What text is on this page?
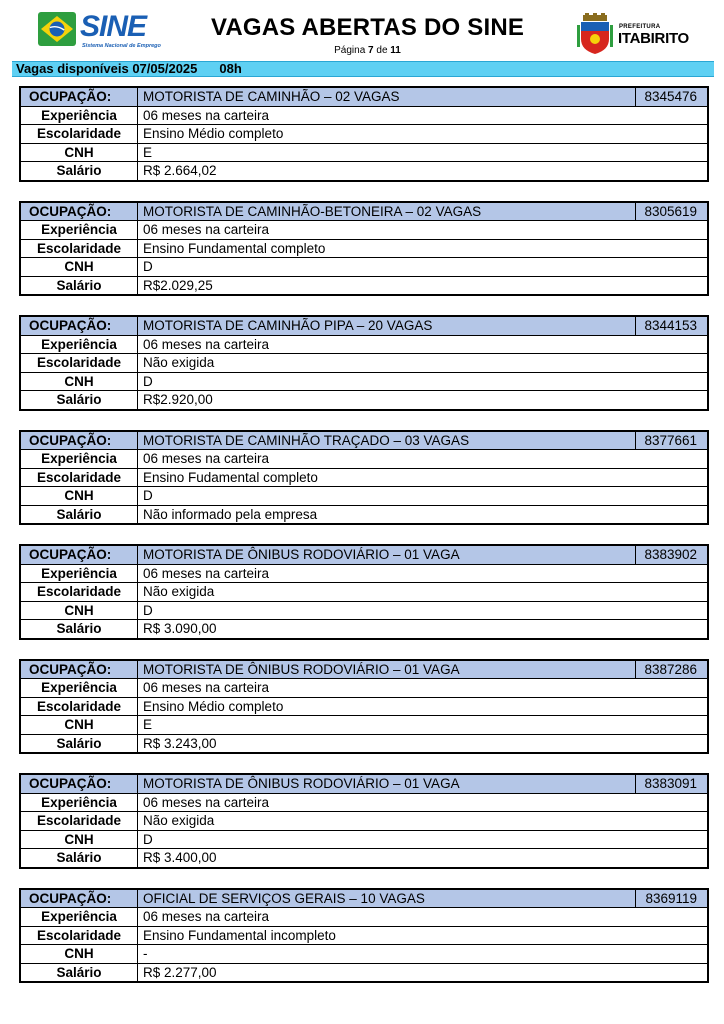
SINE
Sistema Nacional de Emprego
VAGAS ABERTAS DO SINE
Página 7 de 11
PREFEITURA
ITABIRITO
Vagas disponíveis 07/05/2025 08h
OCUPAÇÃO:	MOTORISTA DE CAMINHÃO – 02 VAGAS	8345476
Experiência	06 meses na carteira	
Escolaridade	Ensino Médio completo	
CNH	E	
Salário	R$ 2.664,02	
OCUPAÇÃO:	MOTORISTA DE CAMINHÃO-BETONEIRA – 02 VAGAS	8305619
Experiência	06 meses na carteira	
Escolaridade	Ensino Fundamental completo	
CNH	D	
Salário	R$2.029,25	
OCUPAÇÃO:	MOTORISTA DE CAMINHÃO PIPA – 20 VAGAS	8344153
Experiência	06 meses na carteira	
Escolaridade	Não exigida	
CNH	D	
Salário	R$2.920,00	
OCUPAÇÃO:	MOTORISTA DE CAMINHÃO TRAÇADO – 03 VAGAS	8377661
Experiência	06 meses na carteira	
Escolaridade	Ensino Fudamental completo	
CNH	D	
Salário	Não informado pela empresa	
OCUPAÇÃO:	MOTORISTA DE ÔNIBUS RODOVIÁRIO – 01 VAGA	8383902
Experiência	06 meses na carteira	
Escolaridade	Não exigida	
CNH	D	
Salário	R$ 3.090,00	
OCUPAÇÃO:	MOTORISTA DE ÔNIBUS RODOVIÁRIO – 01 VAGA	8387286
Experiência	06 meses na carteira	
Escolaridade	Ensino Médio completo	
CNH	E	
Salário	R$ 3.243,00	
OCUPAÇÃO:	MOTORISTA DE ÔNIBUS RODOVIÁRIO – 01 VAGA	8383091
Experiência	06 meses na carteira	
Escolaridade	Não exigida	
CNH	D	
Salário	R$ 3.400,00	
OCUPAÇÃO:	OFICIAL DE SERVIÇOS GERAIS – 10 VAGAS	8369119
Experiência	06 meses na carteira	
Escolaridade	Ensino Fundamental incompleto	
CNH	-	
Salário	R$ 2.277,00	
